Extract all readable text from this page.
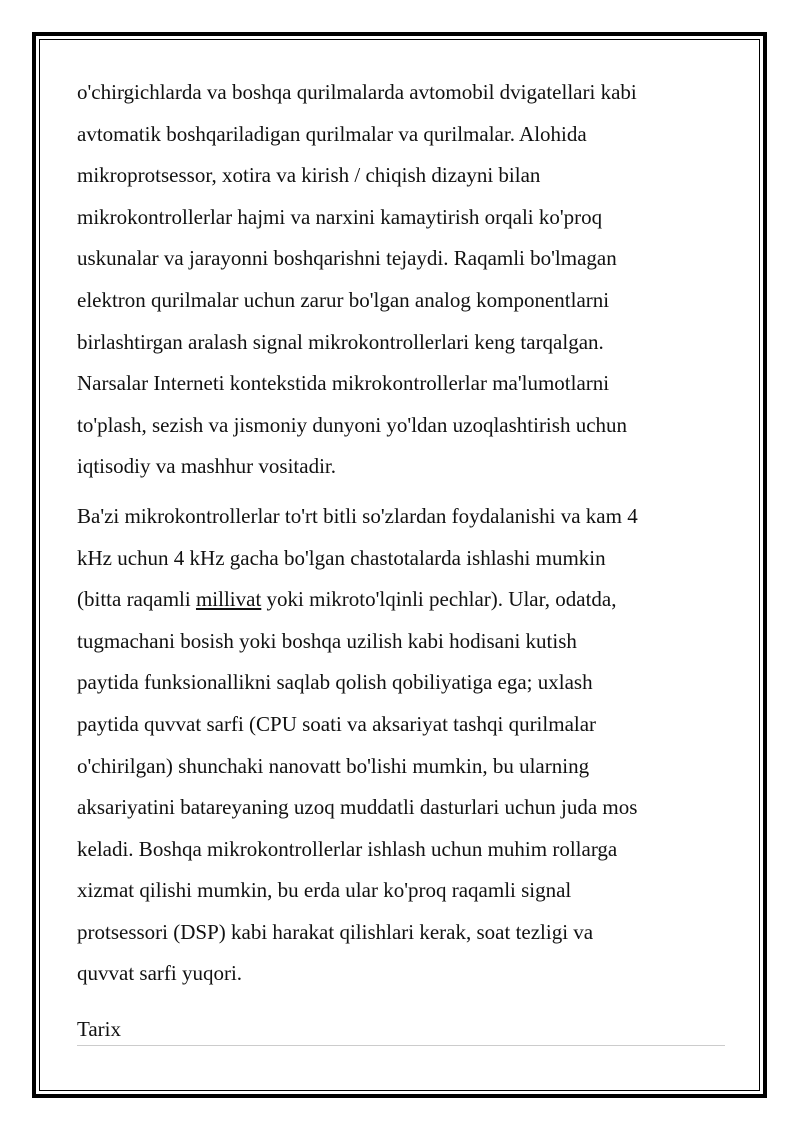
o'chirgichlarda va boshqa qurilmalarda avtomobil dvigatellari kabi
avtomatik boshqariladigan qurilmalar va qurilmalar. Alohida
mikroprotsessor, xotira va kirish / chiqish dizayni bilan
mikrokontrollerlar hajmi va narxini kamaytirish orqali ko'proq
uskunalar va jarayonni boshqarishni tejaydi. Raqamli bo'lmagan
elektron qurilmalar uchun zarur bo'lgan analog komponentlarni
birlashtirgan aralash signal mikrokontrollerlari keng tarqalgan.
Narsalar Interneti kontekstida mikrokontrollerlar ma'lumotlarni
to'plash, sezish va jismoniy dunyoni yo'ldan uzoqlashtirish uchun
iqtisodiy va mashhur vositadir.
Ba'zi mikrokontrollerlar to'rt bitli so'zlardan foydalanishi va kam 4
kHz uchun 4 kHz gacha bo'lgan chastotalarda ishlashi mumkin
(bitta raqamli millivat yoki mikroto'lqinli pechlar). Ular, odatda,
tugmachani bosish yoki boshqa uzilish kabi hodisani kutish
paytida funksionallikni saqlab qolish qobiliyatiga ega; uxlash
paytida quvvat sarfi (CPU soati va aksariyat tashqi qurilmalar
o'chirilgan) shunchaki nanovatt bo'lishi mumkin, bu ularning
aksariyatini batareyaning uzoq muddatli dasturlari uchun juda mos
keladi. Boshqa mikrokontrollerlar ishlash uchun muhim rollarga
xizmat qilishi mumkin, bu erda ular ko'proq raqamli signal
protsessori (DSP) kabi harakat qilishlari kerak, soat tezligi va
quvvat sarfi yuqori.
Tarix
